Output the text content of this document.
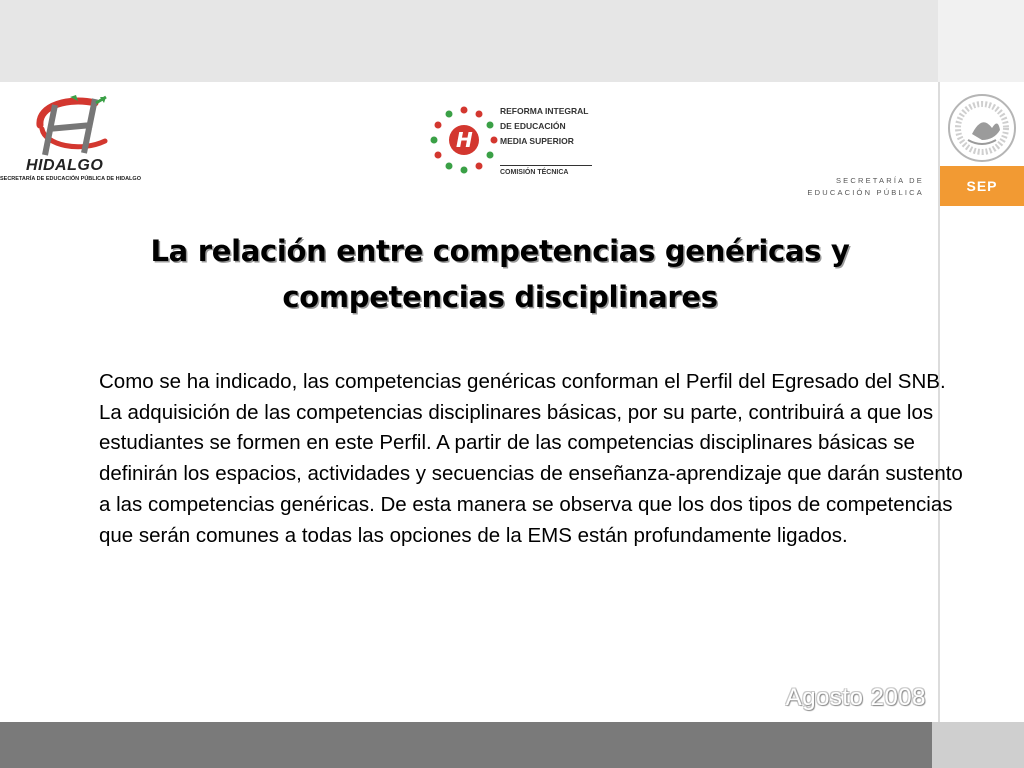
HIDALGO
SECRETARÍA DE EDUCACIÓN PÚBLICA DE HIDALGO
H
REFORMA INTEGRAL
DE EDUCACIÓN
MEDIA SUPERIOR
COMISIÓN TÉCNICA
SECRETARÍA DE
EDUCACIÓN PÚBLICA	SEP
La relación entre competencias genéricas y
competencias disciplinares
Como se ha indicado, las competencias genéricas conforman el Perfil del Egresado del SNB. La adquisición de las competencias disciplinares básicas, por su parte, contribuirá a que los estudiantes se formen en este Perfil. A partir de las competencias disciplinares básicas se definirán los espacios, actividades y secuencias de enseñanza-aprendizaje que darán sustento a las competencias genéricas. De esta manera se observa que los dos tipos de competencias que serán comunes a todas las opciones de la EMS están profundamente ligados.
Agosto 2008
